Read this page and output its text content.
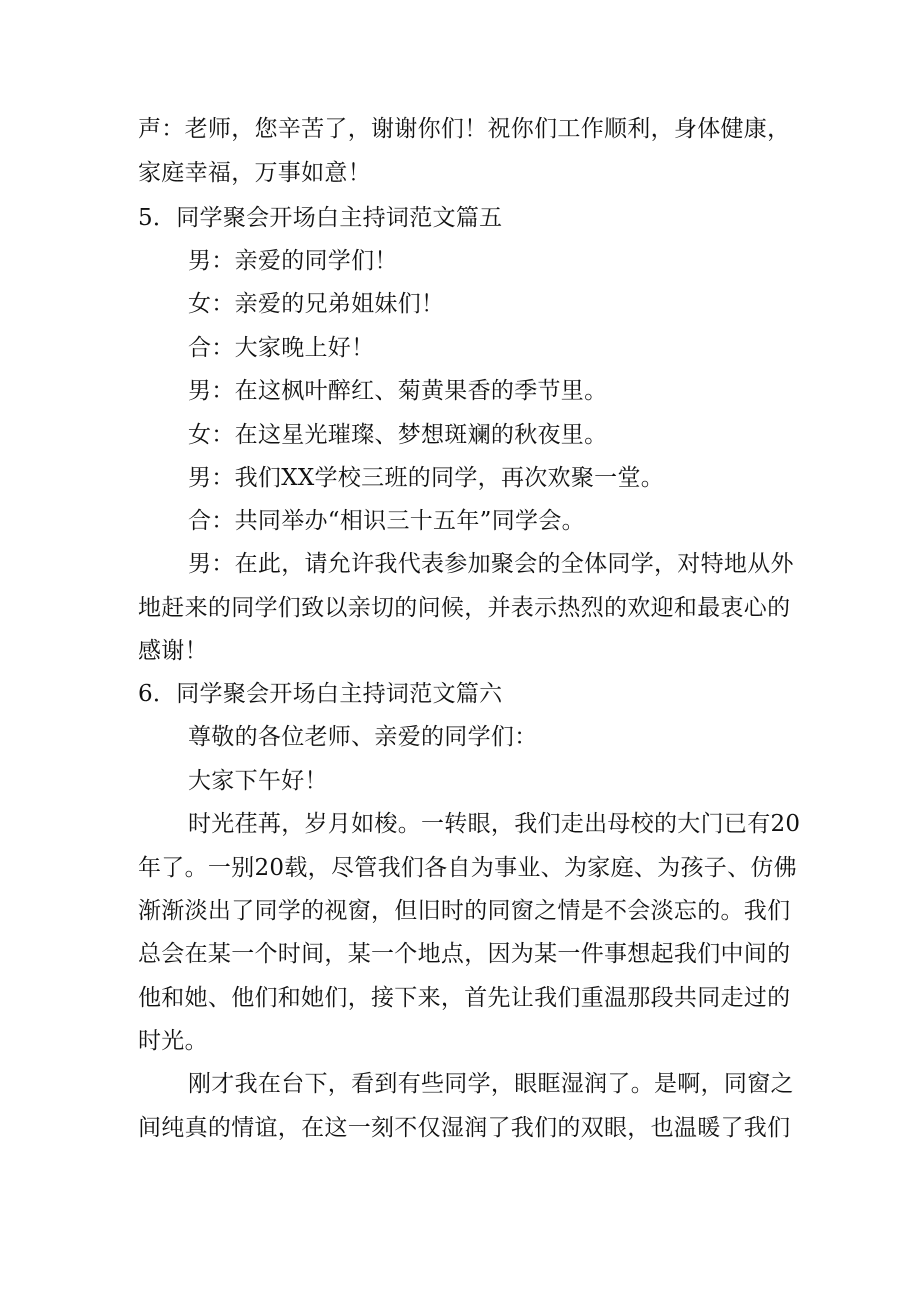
声：老师，您辛苦了，谢谢你们！祝你们工作顺利，身体健康，
家庭幸福，万事如意！
5．同学聚会开场白主持词范文篇五
男：亲爱的同学们！
女：亲爱的兄弟姐妹们！
合：大家晚上好！
男：在这枫叶醉红、菊黄果香的季节里。
女：在这星光璀璨、梦想斑斓的秋夜里。
男：我们XX学校三班的同学，再次欢聚一堂。
合：共同举办“相识三十五年”同学会。
男：在此，请允许我代表参加聚会的全体同学，对特地从外
地赶来的同学们致以亲切的问候，并表示热烈的欢迎和最衷心的
感谢！
6．同学聚会开场白主持词范文篇六
尊敬的各位老师、亲爱的同学们：
大家下午好！
时光荏苒，岁月如梭。一转眼，我们走出母校的大门已有20
年了。一别20载，尽管我们各自为事业、为家庭、为孩子、仿佛
渐渐淡出了同学的视窗，但旧时的同窗之情是不会淡忘的。我们
总会在某一个时间，某一个地点，因为某一件事想起我们中间的
他和她、他们和她们，接下来，首先让我们重温那段共同走过的
时光。
刚才我在台下，看到有些同学，眼眶湿润了。是啊，同窗之
间纯真的情谊，在这一刻不仅湿润了我们的双眼，也温暖了我们
